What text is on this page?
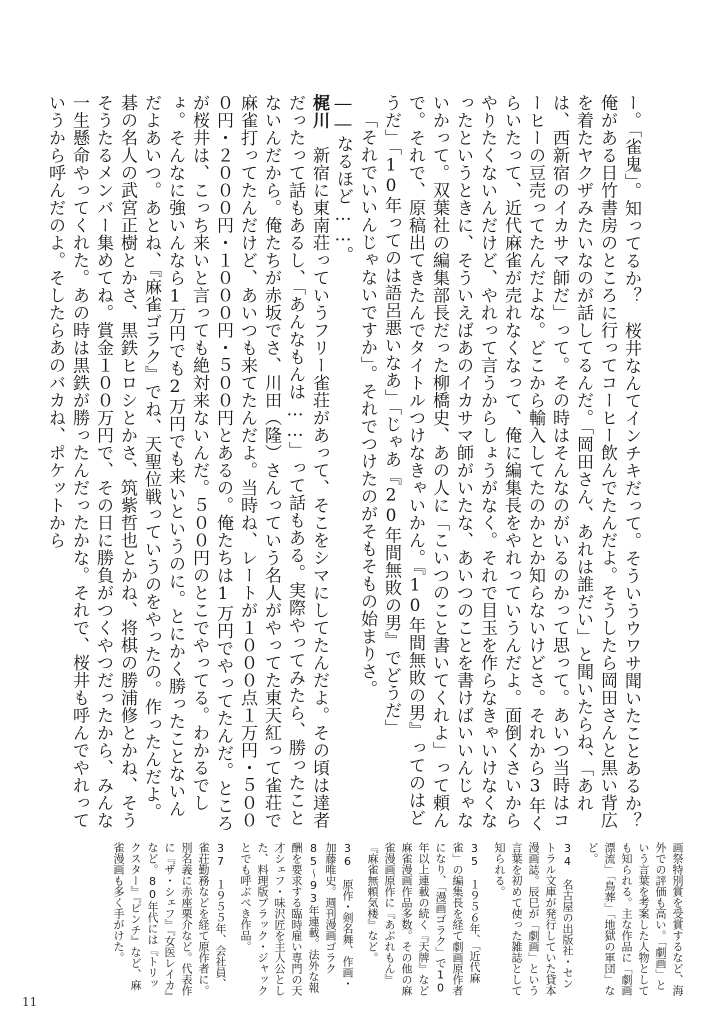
ー。「雀鬼」。知ってるか？　桜井なんてインチキだって。そういうウワサ聞いたことあるか？　俺がある日竹書房のところに行ってコーヒー飲んでたんだよ。そうしたら岡田さんと黒い背広を着たヤクザみたいなのが話してるんだ。「岡田さん、あれは誰だい」と聞いたらね、「あれは、西新宿のイカサマ師だ」って。その時はそんなのがいるのかって思って。あいつ当時はコーヒーの豆売ってたんだよな。どこから輸入してたのかとか知らないけどさ。それから3年くらいたって、近代麻雀が売れなくなって、俺に編集長をやれっていうんだよ。面倒くさいからやりたくないんだけど、やれって言うからしょうがなく。それで目玉を作らなきゃいけなくなったというときに、そういえばあのイカサマ師がいたな、あいつのことを書けばいいんじゃないかって。双葉社の編集部長だった柳橋史、あの人に「こいつのこと書いてくれよ」って頼んで。それで、原稿出てきたんでタイトルつけなきゃいかん。『10年間無敗の男』ってのはどうだ」「10年ってのは語呂悪いなあ」「じゃあ『20年間無敗の男』でどうだ」

「それでいいんじゃないですか」。それでつけたのがそもそもの始まりさ。

――なるほど……。

梶川　新宿に東南荘っていうフリー雀荘があって、そこをシマにしてたんだよ。その頃は達者だったって話もあるし、「あんなもんは……」って話もある。実際やってみたら、勝ったことないんだから。俺たちが赤坂でさ、川田（隆）さんっていう名人がやってた東天紅って雀荘で麻雀打ってたんだけど、あいつも来てたんだよ。当時ね、レートが１０００点１万円・５０００円・２０００円・１０００円・５００円とあるの。俺たちは1万円でやってたんだ。ところが桜井は、こっち来いと言っても絶対来ないんだ。５００円のとこでやってる。わかるでしょ。そんなに強いんなら1万円でも2万円でも来いというのに。とにかく勝ったことないんだよあいつ。あとね、『麻雀ゴラク』でね、天聖位戦っていうのをやったの。作ったんだよ。碁の名人の武宮正樹とかさ、黒鉄ヒロシとかさ、筑紫哲也とかね、将棋の勝浦修とかね、そうそうたるメンバー集めてね。賞金１００万円で、その日に勝負がつくやつだったから、みんな一生懸命やってくれた。あの時は黒鉄が勝ったんだったかな。それで、桜井も呼んでやれっていうから呼んだのよ。そしたらあのバカね、ポケットから

画祭特別賞を受賞するなど、海外での評価も高い。「劇画」という言葉を考案した人物としても知られる。主な作品に「劇画漂流」「鳥葬」「地獄の軍団」など。

34　名古屋の出版社・セントラル文庫が発行していた貸本漫画誌。辰巳が「劇画」という言葉を初めて使った雑誌として知られる。

35　１９５６年、「近代麻雀」の編集長を経て劇画原作者になり、「漫画ゴラク」で10年以上連載の続く『天牌』など麻雀漫画作品多数。その他の麻雀漫画原作に『あぶれもん』『麻雀無頼気楼』など。

36　原作・剣名舞、作画・加藤唯史。週刊漫画ゴラク85〜93年連載。法外な報酬を要求する臨時雇い専門の天才シェフ・味沢匠を主人公とした、料理版ブラック・ジャックとでも呼ぶべき作品。

37　１９５５年、会社員、雀荘勤務などを経て原作者に。別名義に赤座栗介など。代表作に『ザ・シェフ』『女医レイカ』など。80年代には『トリックスター』『ピンチ』など、麻雀漫画も多く手がけた。

11
